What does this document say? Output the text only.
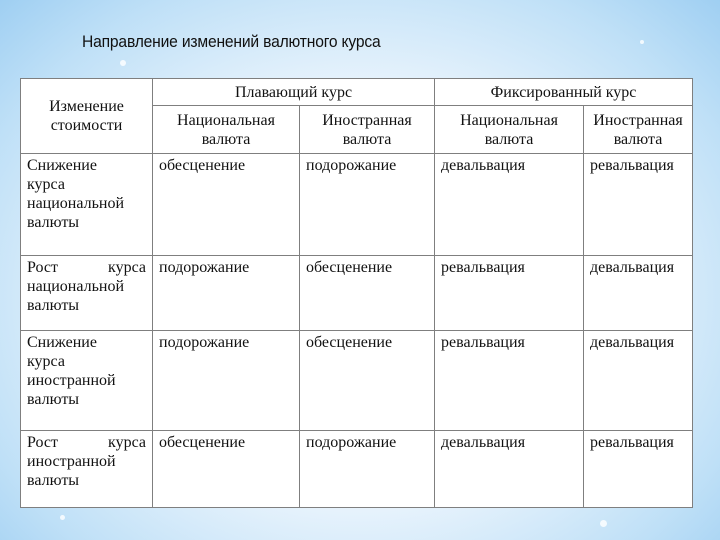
Направление изменений валютного курса
Изменение стоимости	Плавающий курс		Фиксированный курс	
	Национальная валюта	Иностранная валюта	Национальная валюта	Иностранная валюта
Снижение
курса национальной валюты	обесценение	подорожание	девальвация	ревальвация

Рост курса
национальной валюты	подорожание	обесценение	ревальвация	девальвация
Снижение
курса иностранной валюты	подорожание	обесценение	ревальвация	девальвация

Рост курса
иностранной валюты	обесценение	подорожание	девальвация	ревальвация
